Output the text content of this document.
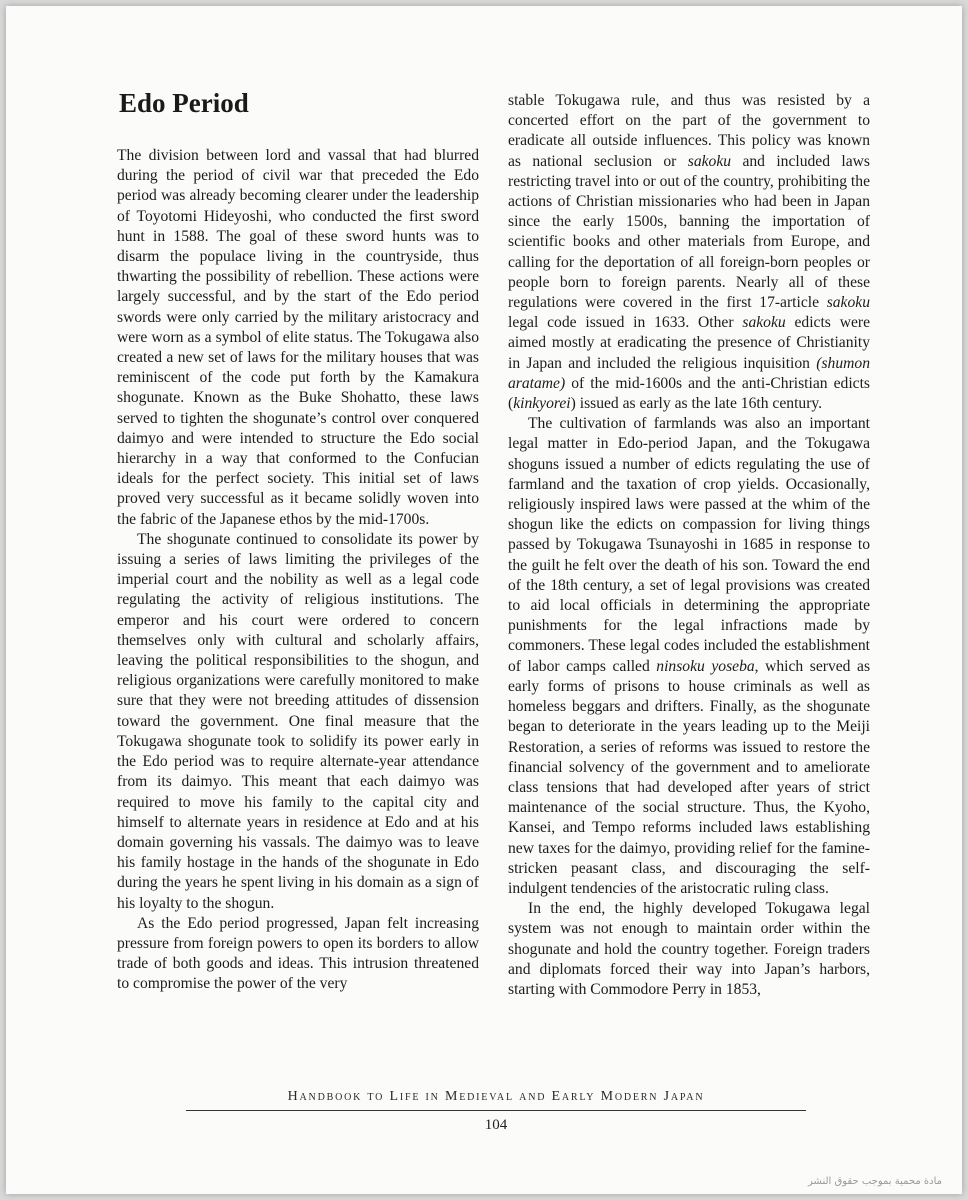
Edo Period

The division between lord and vassal that had blurred during the period of civil war that preceded the Edo period was already becoming clearer under the leadership of Toyotomi Hideyoshi, who conducted the first sword hunt in 1588. The goal of these sword hunts was to disarm the populace living in the countryside, thus thwarting the possibility of rebellion. These actions were largely successful, and by the start of the Edo period swords were only carried by the military aristocracy and were worn as a symbol of elite status. The Tokugawa also created a new set of laws for the military houses that was reminiscent of the code put forth by the Kamakura shogunate. Known as the Buke Shohatto, these laws served to tighten the shogunate’s control over conquered daimyo and were intended to structure the Edo social hierarchy in a way that conformed to the Confucian ideals for the perfect society. This initial set of laws proved very successful as it became solidly woven into the fabric of the Japanese ethos by the mid-1700s.

The shogunate continued to consolidate its power by issuing a series of laws limiting the privileges of the imperial court and the nobility as well as a legal code regulating the activity of religious institutions. The emperor and his court were ordered to concern themselves only with cultural and scholarly affairs, leaving the political responsibilities to the shogun, and religious organizations were carefully monitored to make sure that they were not breeding attitudes of dissension toward the government. One final measure that the Tokugawa shogunate took to solidify its power early in the Edo period was to require alternate-year attendance from its daimyo. This meant that each daimyo was required to move his family to the capital city and himself to alternate years in residence at Edo and at his domain governing his vassals. The daimyo was to leave his family hostage in the hands of the shogunate in Edo during the years he spent living in his domain as a sign of his loyalty to the shogun.

As the Edo period progressed, Japan felt increasing pressure from foreign powers to open its borders to allow trade of both goods and ideas. This intrusion threatened to compromise the power of the very

stable Tokugawa rule, and thus was resisted by a concerted effort on the part of the government to eradicate all outside influences. This policy was known as national seclusion or sakoku and included laws restricting travel into or out of the country, prohibiting the actions of Christian missionaries who had been in Japan since the early 1500s, banning the importation of scientific books and other materials from Europe, and calling for the deportation of all foreign-born peoples or people born to foreign parents. Nearly all of these regulations were covered in the first 17-article sakoku legal code issued in 1633. Other sakoku edicts were aimed mostly at eradicating the presence of Christianity in Japan and included the religious inquisition (shumon aratame) of the mid-1600s and the anti-Christian edicts (kinkyorei) issued as early as the late 16th century.

The cultivation of farmlands was also an important legal matter in Edo-period Japan, and the Tokugawa shoguns issued a number of edicts regulating the use of farmland and the taxation of crop yields. Occasionally, religiously inspired laws were passed at the whim of the shogun like the edicts on compassion for living things passed by Tokugawa Tsunayoshi in 1685 in response to the guilt he felt over the death of his son. Toward the end of the 18th century, a set of legal provisions was created to aid local officials in determining the appropriate punishments for the legal infractions made by commoners. These legal codes included the establishment of labor camps called ninsoku yoseba, which served as early forms of prisons to house criminals as well as homeless beggars and drifters. Finally, as the shogunate began to deteriorate in the years leading up to the Meiji Restoration, a series of reforms was issued to restore the financial solvency of the government and to ameliorate class tensions that had developed after years of strict maintenance of the social structure. Thus, the Kyoho, Kansei, and Tempo reforms included laws establishing new taxes for the daimyo, providing relief for the famine-stricken peasant class, and discouraging the self-indulgent tendencies of the aristocratic ruling class.

In the end, the highly developed Tokugawa legal system was not enough to maintain order within the shogunate and hold the country together. Foreign traders and diplomats forced their way into Japan’s harbors, starting with Commodore Perry in 1853,

Handbook to Life in Medieval and Early Modern Japan
104
مادة محمية بموجب حقوق النشر
